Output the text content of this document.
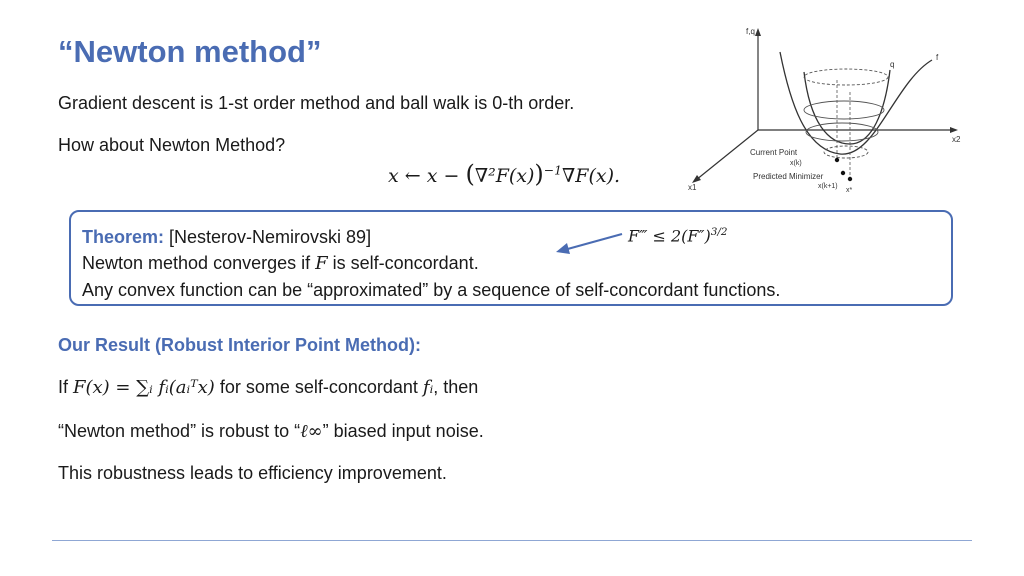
“Newton method”
Gradient descent is 1-st order method and ball walk is 0-th order.
How about Newton Method?
x ← $x - (\nabla^2F(x))^{-1}\nabla F(x)$.
f,q
x2
x1
f
q
Current Point
x(k)
Predicted Minimizer
x(k+1)
x*
Theorem: [Nesterov-Nemirovski 89]
Newton method converges if F is self-concordant.
Any convex function can be “approximated” by a sequence of self-concordant functions.
F‴ ≤ $2(F'')^{3/2}$
Our Result (Robust Interior Point Method):
If F(x) = ∑ᵢ fᵢ(aᵢᵀx) for some self-concordant fᵢ, then
“Newton method” is robust to “ℓ∞” biased input noise.
This robustness leads to efficiency improvement.
